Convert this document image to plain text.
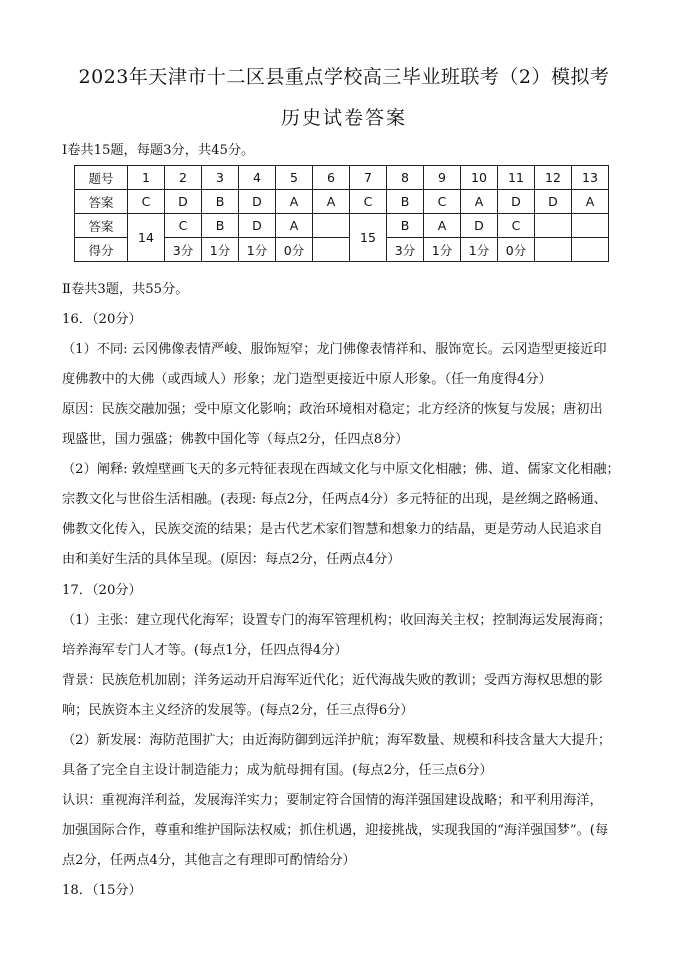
2023年天津市十二区县重点学校高三毕业班联考（2）模拟考
历史试卷答案
Ⅰ卷共15题，每题3分，共45分。
题号	1	2	3	4	5	6	7	8	9	10	11	12	13
答案	C	D	B	D	A	A	C	B	C	A	D	D	A
答案	14	C	B	D	A		15	B	A	D	C		
得分		3分	1分	1分	0分			3分	1分	1分	0分		
Ⅱ卷共3题，共55分。
16．（20分）
（1）不同: 云冈佛像表情严峻、服饰短窄；龙门佛像表情祥和、服饰宽长。云冈造型更接近印
度佛教中的大佛（或西域人）形象；龙门造型更接近中原人形象。（任一角度得4分）
原因：民族交融加强；受中原文化影响；政治环境相对稳定；北方经济的恢复与发展；唐初出
现盛世，国力强盛；佛教中国化等（每点2分，任四点8分）
（2）阐释: 敦煌壁画飞天的多元特征表现在西域文化与中原文化相融；佛、道、儒家文化相融；
宗教文化与世俗生活相融。(表现: 每点2分，任两点4分）多元特征的出现，是丝绸之路畅通、
佛教文化传入，民族交流的结果；是古代艺术家们智慧和想象力的结晶，更是劳动人民追求自
由和美好生活的具体呈现。(原因：每点2分，任两点4分）
17．（20分）
（1）主张：建立现代化海军；设置专门的海军管理机构；收回海关主权；控制海运发展海商；
培养海军专门人才等。(每点1分，任四点得4分）
背景：民族危机加剧；洋务运动开启海军近代化；近代海战失败的教训；受西方海权思想的影
响；民族资本主义经济的发展等。(每点2分，任三点得6分）
（2）新发展：海防范围扩大；由近海防御到远洋护航；海军数量、规模和科技含量大大提升；
具备了完全自主设计制造能力；成为航母拥有国。(每点2分，任三点6分）
认识：重视海洋利益，发展海洋实力；要制定符合国情的海洋强国建设战略；和平利用海洋，
加强国际合作，尊重和维护国际法权威；抓住机遇，迎接挑战，实现我国的“海洋强国梦”。(每
点2分，任两点4分，其他言之有理即可酌情给分）
18．（15分）
